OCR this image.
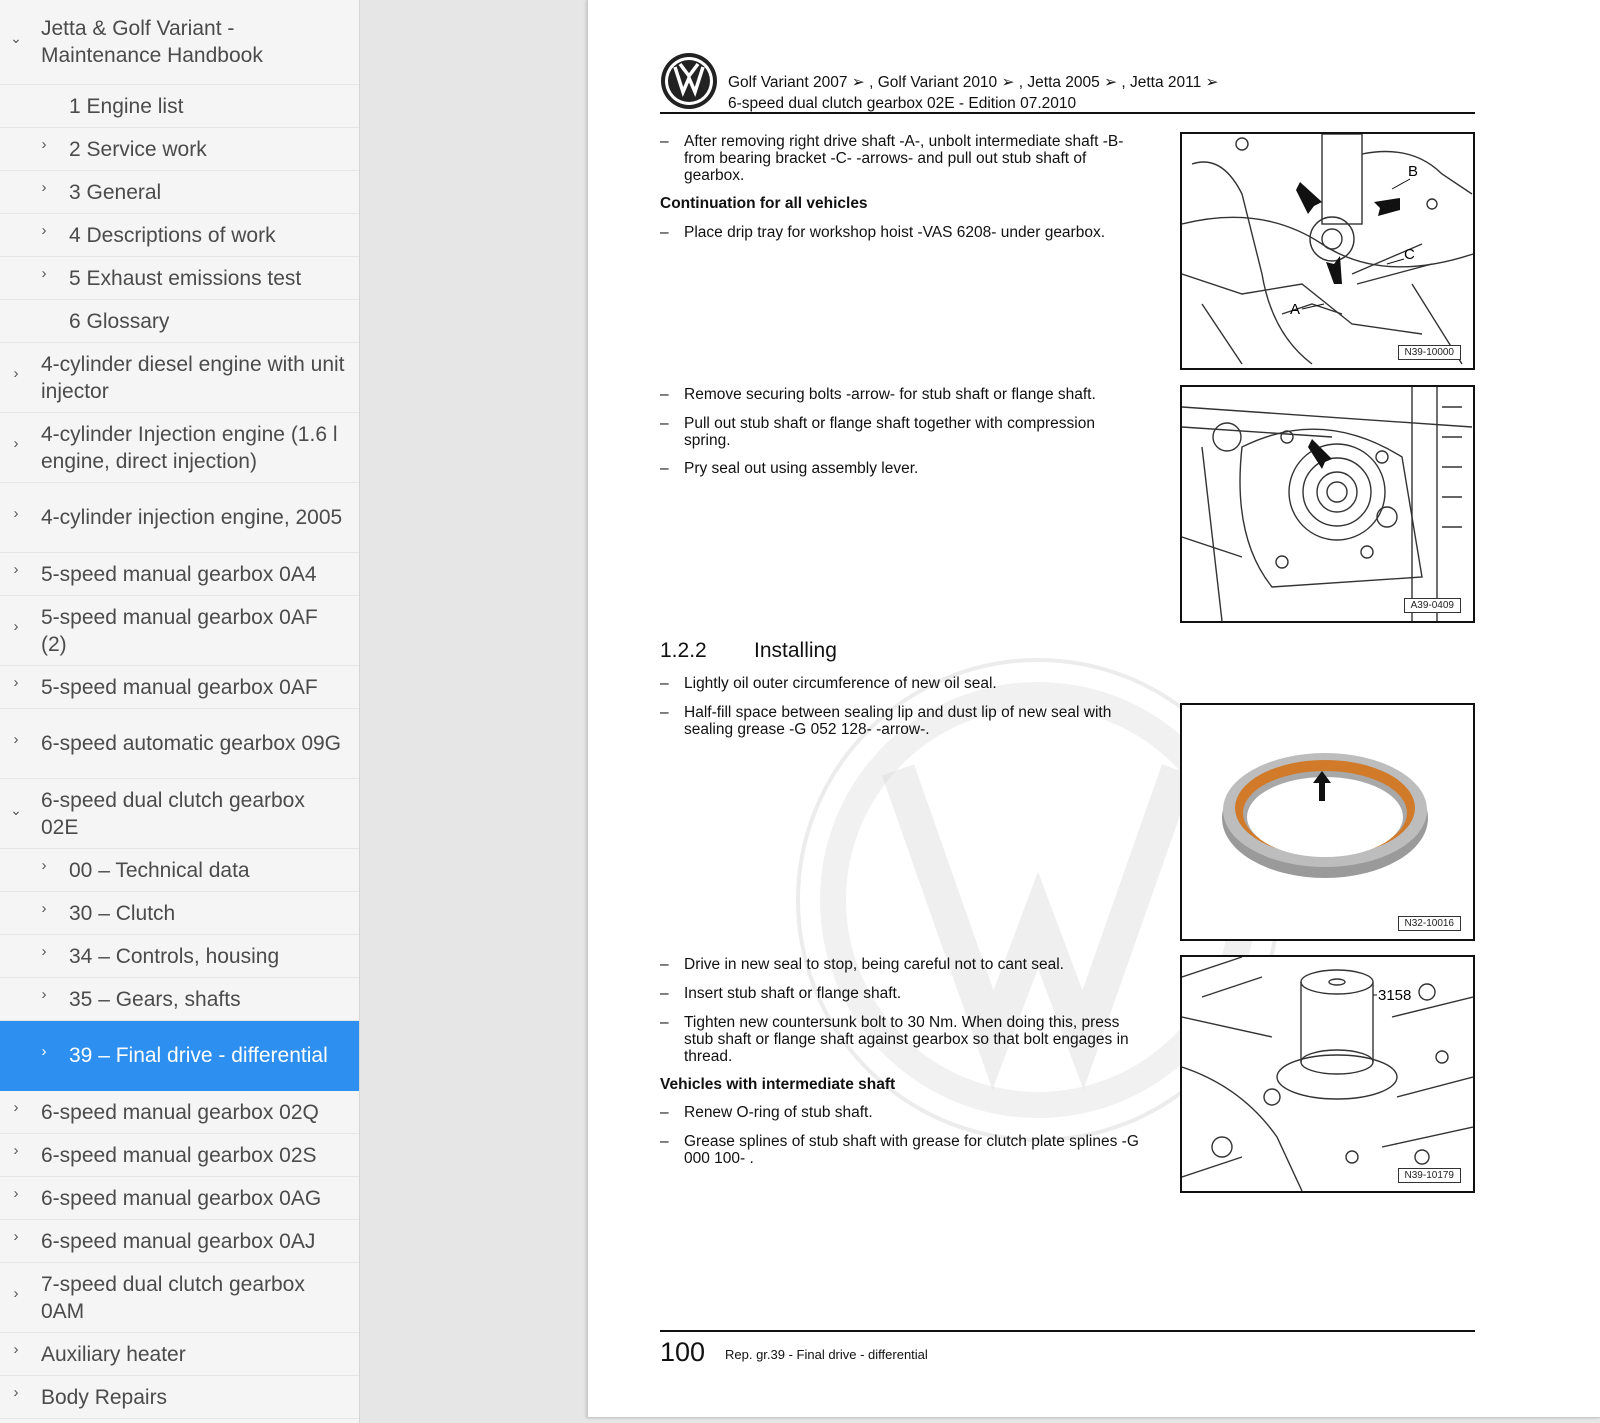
⌄ Jetta & Golf Variant - Maintenance Handbook
1 Engine list
› 2 Service work
› 3 General
› 4 Descriptions of work
› 5 Exhaust emissions test
6 Glossary
› 4-cylinder diesel engine with unit injector
› 4-cylinder Injection engine (1.6 l engine, direct injection)
› 4-cylinder injection engine, 2005
› 5-speed manual gearbox 0A4
› 5-speed manual gearbox 0AF (2)
› 5-speed manual gearbox 0AF
› 6-speed automatic gearbox 09G
⌄ 6-speed dual clutch gearbox 02E
› 00 – Technical data
› 30 – Clutch
› 34 – Controls, housing
› 35 – Gears, shafts
› 39 – Final drive - differential
› 6-speed manual gearbox 02Q
› 6-speed manual gearbox 02S
› 6-speed manual gearbox 0AG
› 6-speed manual gearbox 0AJ
› 7-speed dual clutch gearbox 0AM
› Auxiliary heater
› Body Repairs
Golf Variant 2007 ➢ , Golf Variant 2010 ➢ , Jetta 2005 ➢ , Jetta 2011 ➢
6-speed dual clutch gearbox 02E - Edition 07.2010
– After removing right drive shaft -A-, unbolt intermediate shaft -B- from bearing bracket -C- -arrows- and pull out stub shaft of gearbox.
Continuation for all vehicles
– Place drip tray for workshop hoist -VAS 6208- under gearbox.
A
B
C
N39-10000
– Remove securing bolts -arrow- for stub shaft or flange shaft.
– Pull out stub shaft or flange shaft together with compression spring.
– Pry seal out using assembly lever.
A39-0409
1.2.2 Installing
– Lightly oil outer circumference of new oil seal.
– Half-fill space between sealing lip and dust lip of new seal with sealing grease -G 052 128- -arrow-.
N32-10016
– Drive in new seal to stop, being careful not to cant seal.
– Insert stub shaft or flange shaft.
– Tighten new countersunk bolt to 30 Nm. When doing this, press stub shaft or flange shaft against gearbox so that bolt engages in thread.
Vehicles with intermediate shaft
– Renew O-ring of stub shaft.
– Grease splines of stub shaft with grease for clutch plate splines -G 000 100- .
3158
N39-10179
100 Rep. gr.39 - Final drive - differential
